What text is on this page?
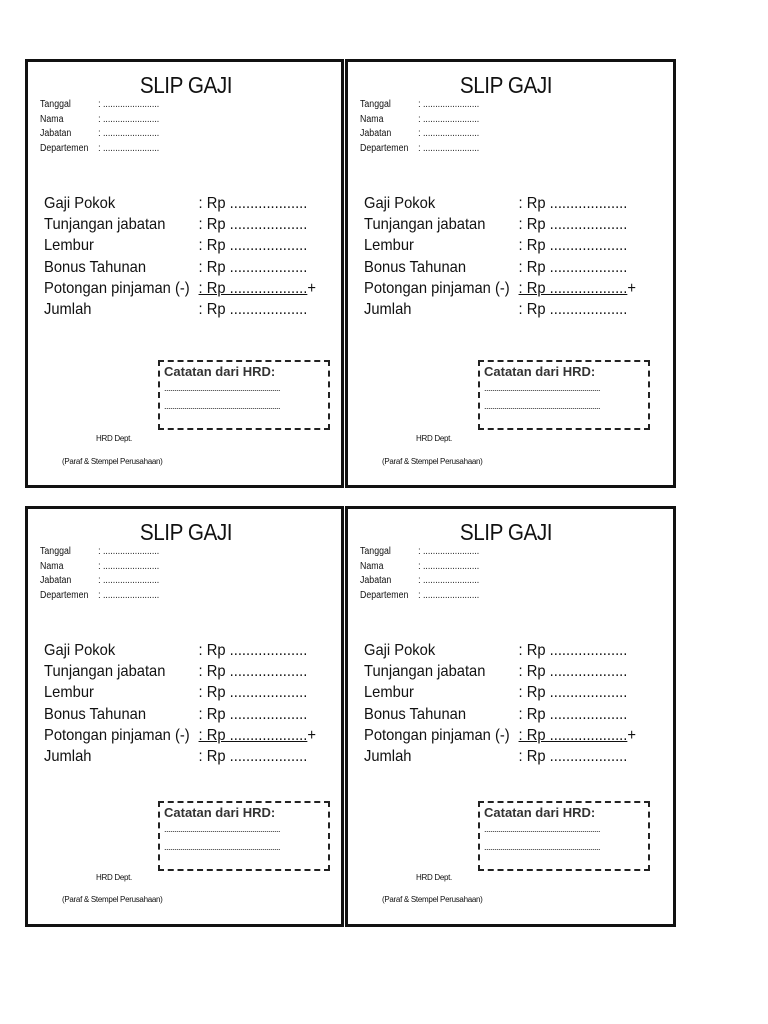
SLIP GAJI
Tanggal	: .......................
Nama	: .......................
Jabatan	: .......................
Departemen : .......................
Gaji Pokok	: Rp ...................
Tunjangan jabatan	: Rp ...................
Lembur	: Rp ...................
Bonus Tahunan	: Rp ...................
Potongan pinjaman (-) : Rp ................... +
Jumlah	: Rp ...................
Catatan dari HRD:
..........................................................
..........................................................
HRD Dept.
(Paraf & Stempel Perusahaan)
SLIP GAJI
Tanggal	: .......................
Nama	: .......................
Jabatan	: .......................
Departemen : .......................
Gaji Pokok	: Rp ...................
Tunjangan jabatan	: Rp ...................
Lembur	: Rp ...................
Bonus Tahunan	: Rp ...................
Potongan pinjaman (-) : Rp ................... +
Jumlah	: Rp ...................
Catatan dari HRD:
..........................................................
..........................................................
HRD Dept.
(Paraf & Stempel Perusahaan)
SLIP GAJI
Tanggal	: .......................
Nama	: .......................
Jabatan	: .......................
Departemen : .......................
Gaji Pokok	: Rp ...................
Tunjangan jabatan	: Rp ...................
Lembur	: Rp ...................
Bonus Tahunan	: Rp ...................
Potongan pinjaman (-) : Rp ................... +
Jumlah	: Rp ...................
Catatan dari HRD:
..........................................................
..........................................................
HRD Dept.
(Paraf & Stempel Perusahaan)
SLIP GAJI
Tanggal	: .......................
Nama	: .......................
Jabatan	: .......................
Departemen : .......................
Gaji Pokok	: Rp ...................
Tunjangan jabatan	: Rp ...................
Lembur	: Rp ...................
Bonus Tahunan	: Rp ...................
Potongan pinjaman (-) : Rp ................... +
Jumlah	: Rp ...................
Catatan dari HRD:
..........................................................
..........................................................
HRD Dept.
(Paraf & Stempel Perusahaan)
